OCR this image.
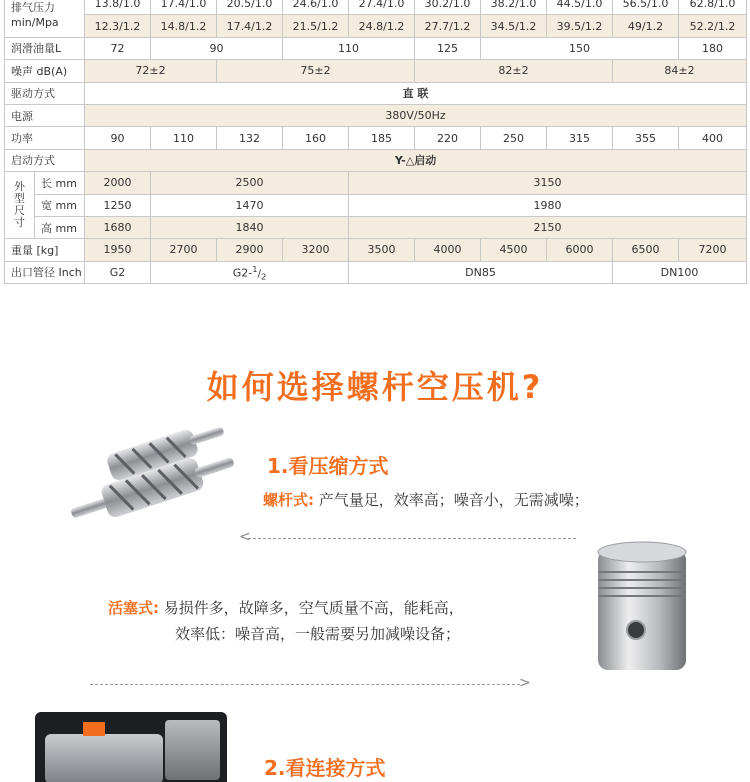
排气压力
min/Mpa		13.8/1.0	17.4/1.0	20.5/1.0	24.6/1.0	27.4/1.0	30.2/1.0	38.2/1.0	44.5/1.0	56.5/1.0	62.8/1.0
		12.3/1.2	14.8/1.2	17.4/1.2	21.5/1.2	24.8/1.2	27.7/1.2	34.5/1.2	39.5/1.2	49/1.2	52.2/1.2
润滑油量L		72	90		110		125	150			180
噪声 dB(A)		72±2		75±2			82±2			84±2	
驱动方式		直 联									
电源		380V/50Hz									
功率		90	110	132	160	185	220	250	315	355	400
启动方式		Y-△启动									

外
型
尺
寸	长 mm	2000	2500			3150					
	宽 mm	1250	1470			1980					
	高 mm	1680	1840			2150					
重量 [kg]		1950	2700	2900	3200	3500	4000	4500	6000	6500	7200
出口管径 Inch		G2	$G2-^1/_2$			DN85				DN100	
如何选择螺杆空压机?
1.看压缩方式
螺杆式: 产气量足，效率高；噪音小，无需减噪；
<
活塞式: 易损件多，故障多，空气质量不高，能耗高，
效率低：噪音高，一般需要另加减噪设备；
>
2.看连接方式
